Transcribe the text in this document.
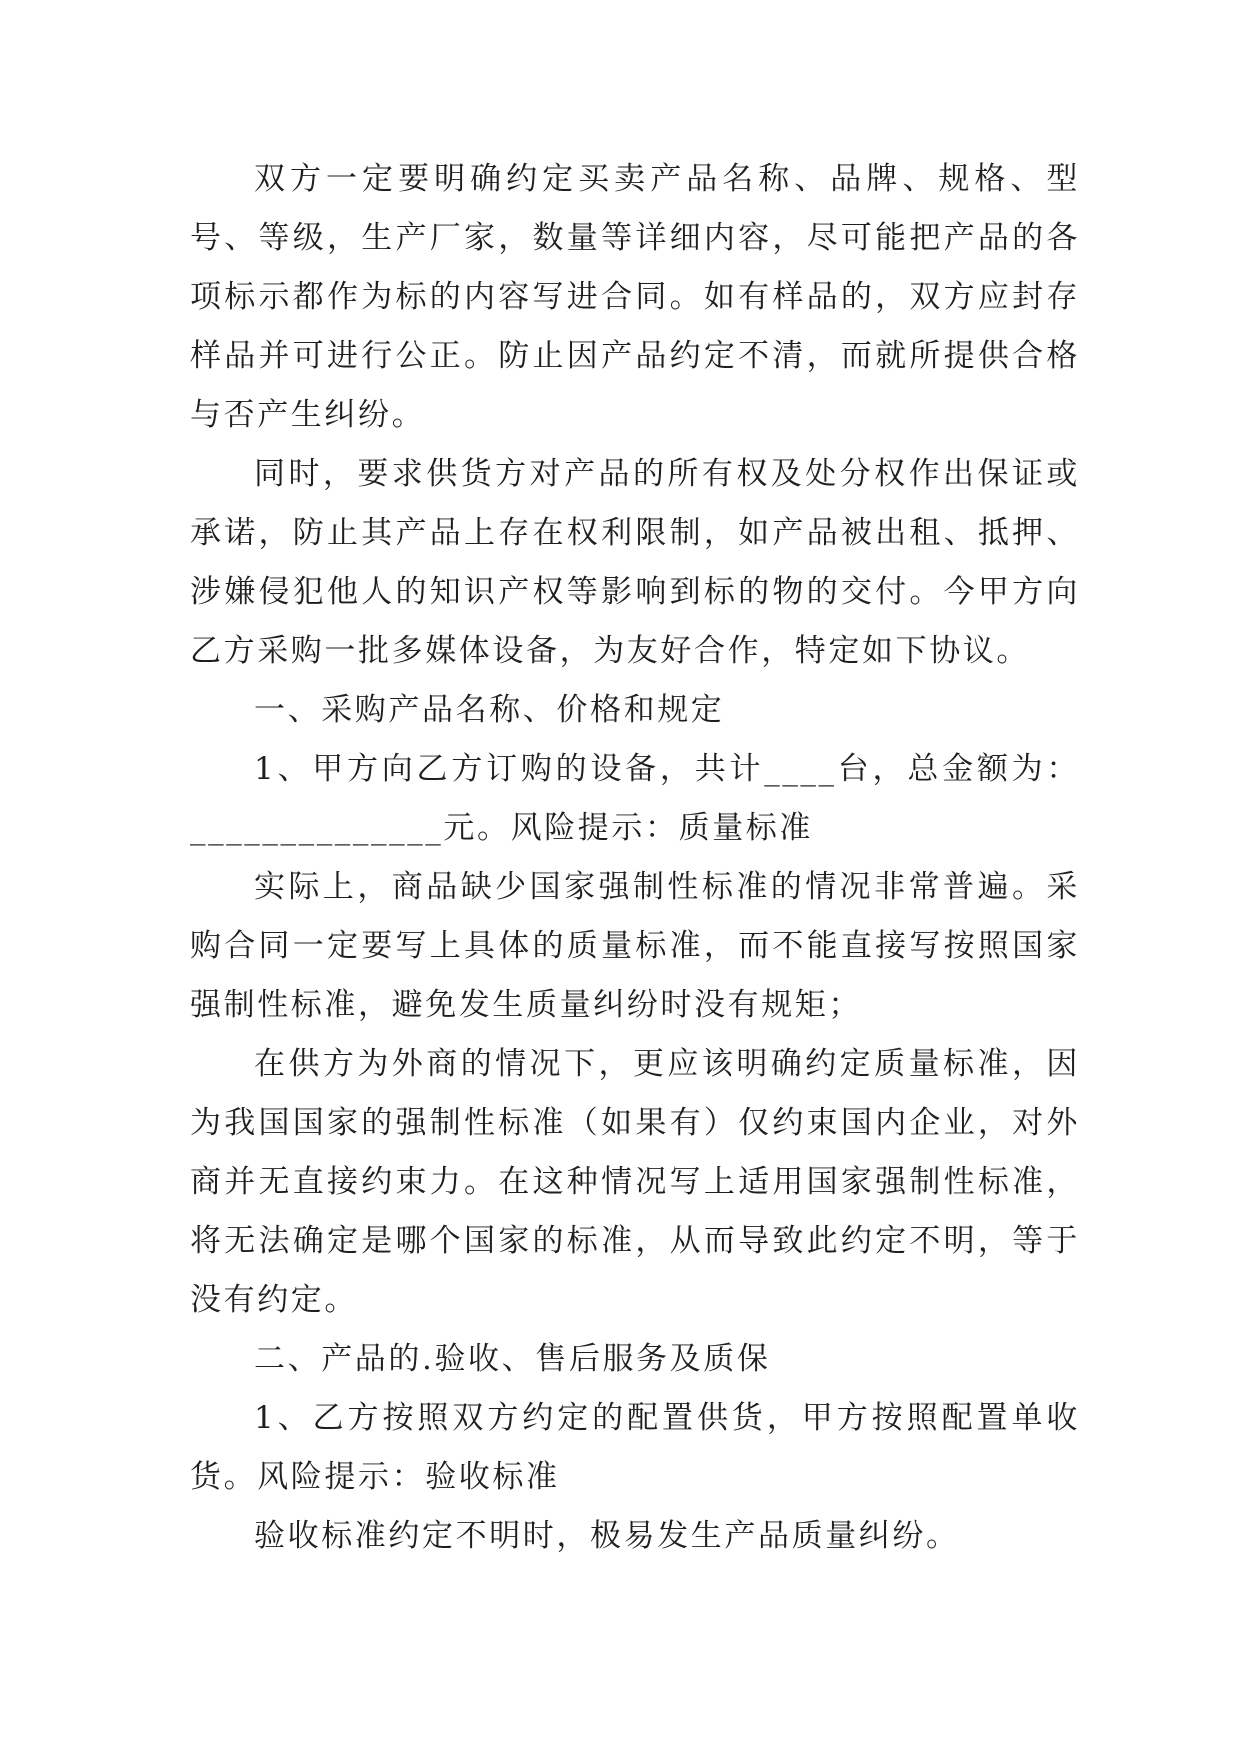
双方一定要明确约定买卖产品名称、品牌、规格、型号、等级，生产厂家，数量等详细内容，尽可能把产品的各项标示都作为标的内容写进合同。如有样品的，双方应封存样品并可进行公正。防止因产品约定不清，而就所提供合格与否产生纠纷。

同时，要求供货方对产品的所有权及处分权作出保证或承诺，防止其产品上存在权利限制，如产品被出租、抵押、涉嫌侵犯他人的知识产权等影响到标的物的交付。今甲方向乙方采购一批多媒体设备，为友好合作，特定如下协议。

一、采购产品名称、价格和规定

1、甲方向乙方订购的设备，共计____台，总金额为：______________元。风险提示：质量标准

实际上，商品缺少国家强制性标准的情况非常普遍。采购合同一定要写上具体的质量标准，而不能直接写按照国家强制性标准，避免发生质量纠纷时没有规矩；

在供方为外商的情况下，更应该明确约定质量标准，因为我国国家的强制性标准（如果有）仅约束国内企业，对外商并无直接约束力。在这种情况写上适用国家强制性标准，将无法确定是哪个国家的标准，从而导致此约定不明，等于没有约定。

二、产品的.验收、售后服务及质保

1、乙方按照双方约定的配置供货，甲方按照配置单收货。风险提示：验收标准

验收标准约定不明时，极易发生产品质量纠纷。
